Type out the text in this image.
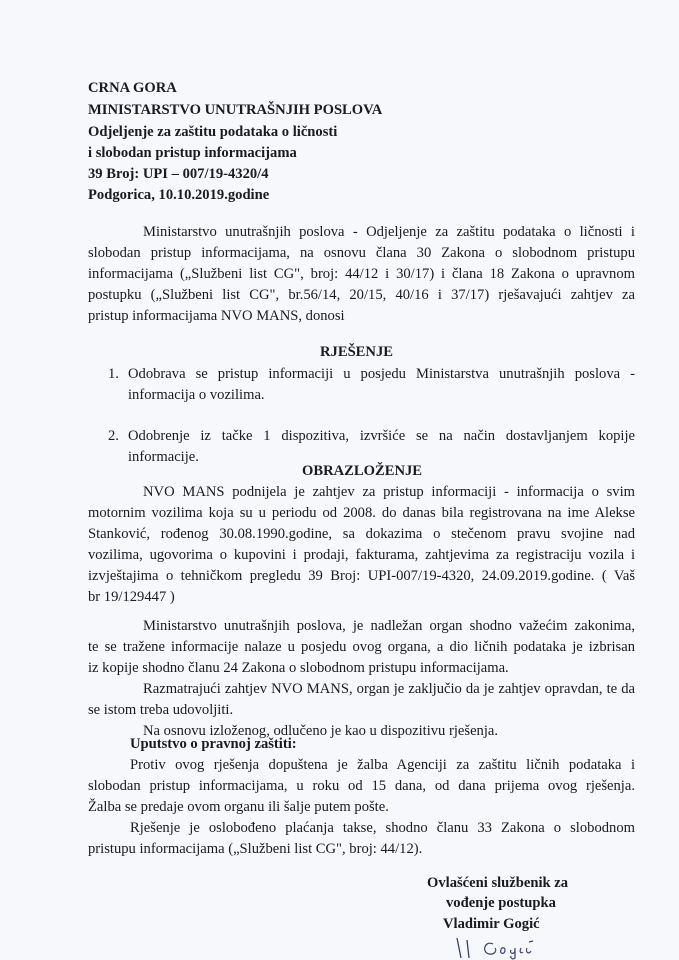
CRNA GORA
MINISTARSTVO UNUTRAŠNJIH POSLOVA
Odjeljenje za zaštitu podataka o ličnosti
i slobodan pristup informacijama
39 Broj: UPI – 007/19-4320/4
Podgorica, 10.10.2019.godine
Ministarstvo unutrašnjih poslova - Odjeljenje za zaštitu podataka o ličnosti i
slobodan pristup informacijama, na osnovu člana 30 Zakona o slobodnom pristupu
informacijama („Službeni list CG", broj: 44/12 i 30/17) i člana 18 Zakona o upravnom
postupku („Službeni list CG", br.56/14, 20/15, 40/16 i 37/17) rješavajući zahtjev za
pristup informacijama NVO MANS, donosi
RJEŠENJE
1. Odobrava se pristup informaciji u posjedu Ministarstva unutrašnjih poslova -
informacija o vozilima.
2. Odobrenje iz tačke 1 dispozitiva, izvršiće se na način dostavljanjem kopije
informacije.
OBRAZLOŽENJE
NVO MANS podnijela je zahtjev za pristup informaciji - informacija o svim
motornim vozilima koja su u periodu od 2008. do danas bila registrovana na ime Alekse
Stanković, rođenog 30.08.1990.godine, sa dokazima o stečenom pravu svojine nad
vozilima, ugovorima o kupovini i prodaji, fakturama, zahtjevima za registraciju vozila i
izvještajima o tehničkom pregledu 39 Broj: UPI-007/19-4320, 24.09.2019.godine. ( Vaš
br 19/129447 )
Ministarstvo unutrašnjih poslova, je nadležan organ shodno važećim zakonima,
te se tražene informacije nalaze u posjedu ovog organa, a dio ličnih podataka je izbrisan
iz kopije shodno članu 24 Zakona o slobodnom pristupu informacijama.
Razmatrajući zahtjev NVO MANS, organ je zaključio da je zahtjev opravdan, te da
se istom treba udovoljiti.
Na osnovu izloženog, odlučeno je kao u dispozitivu rješenja.
Uputstvo o pravnoj zaštiti:
Protiv ovog rješenja dopuštena je žalba Agenciji za zaštitu ličnih podataka i
slobodan pristup informacijama, u roku od 15 dana, od dana prijema ovog rješenja.
Žalba se predaje ovom organu ili šalje putem pošte.
Rješenje je oslobođeno plaćanja takse, shodno članu 33 Zakona o slobodnom
pristupu informacijama („Službeni list CG", broj: 44/12).
Ovlašćeni službenik za
vođenje postupka
Vladimir Gogić
